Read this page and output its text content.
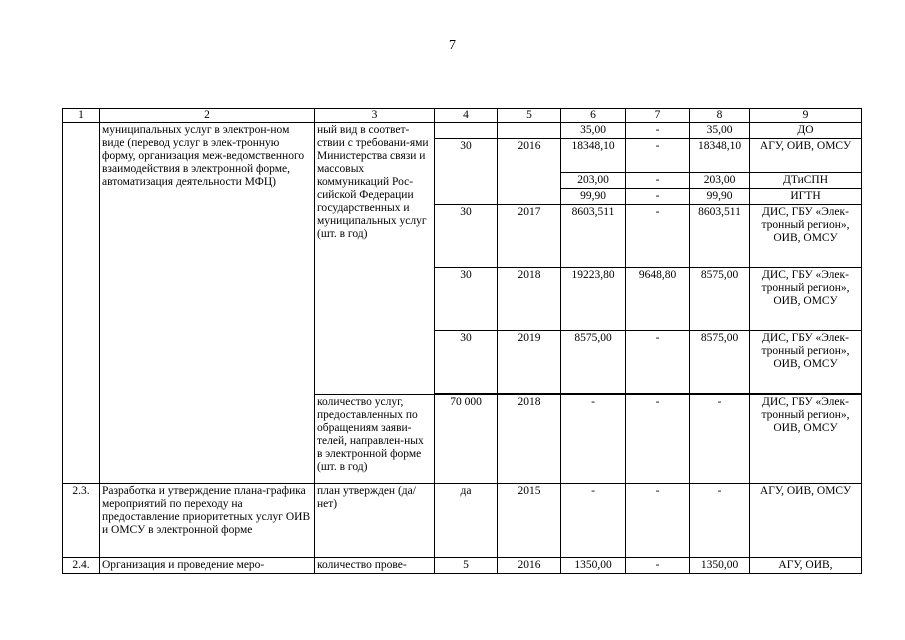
7
1	2	3	4	5	6	7	8	9
	муниципальных услуг в электрон-ном виде (перевод услуг в элек-тронную форму, организация меж-ведомственного взаимодействия в электронной форме, автоматизация деятельности МФЦ)	ный вид в соответ-ствии с требовани-ями Министерства связи и массовых коммуникаций Рос-сийской Федерации государственных и муниципальных услуг (шт. в год)			35,00	-	35,00	ДО
			30	2016	18348,10	-	18348,10	АГУ, ОИВ, ОМСУ
					203,00	-	203,00	ДТиСПН
					99,90	-	99,90	ИГТН
			30	2017	8603,511	-	8603,511	ДИС, ГБУ «Элек-тронный регион», ОИВ, ОМСУ
			30	2018	19223,80	9648,80	8575,00	ДИС, ГБУ «Элек-тронный регион», ОИВ, ОМСУ
			30	2019	8575,00	-	8575,00	ДИС, ГБУ «Элек-тронный регион», ОИВ, ОМСУ

		количество услуг, предоставленных по обращениям заяви-телей, направлен-ных в электронной форме (шт. в год)	70 000	2018	-	-	-	ДИС, ГБУ «Элек-тронный регион», ОИВ, ОМСУ
2.3.	Разработка и утверждение плана-графика мероприятий по переходу на предоставление приоритетных услуг ОИВ и ОМСУ в электронной форме	план утвержден (да/ нет)	да	2015	-	-	-	АГУ, ОИВ, ОМСУ
2.4.	Организация и проведение меро-	количество прове-	5	2016	1350,00	-	1350,00	АГУ, ОИВ,
